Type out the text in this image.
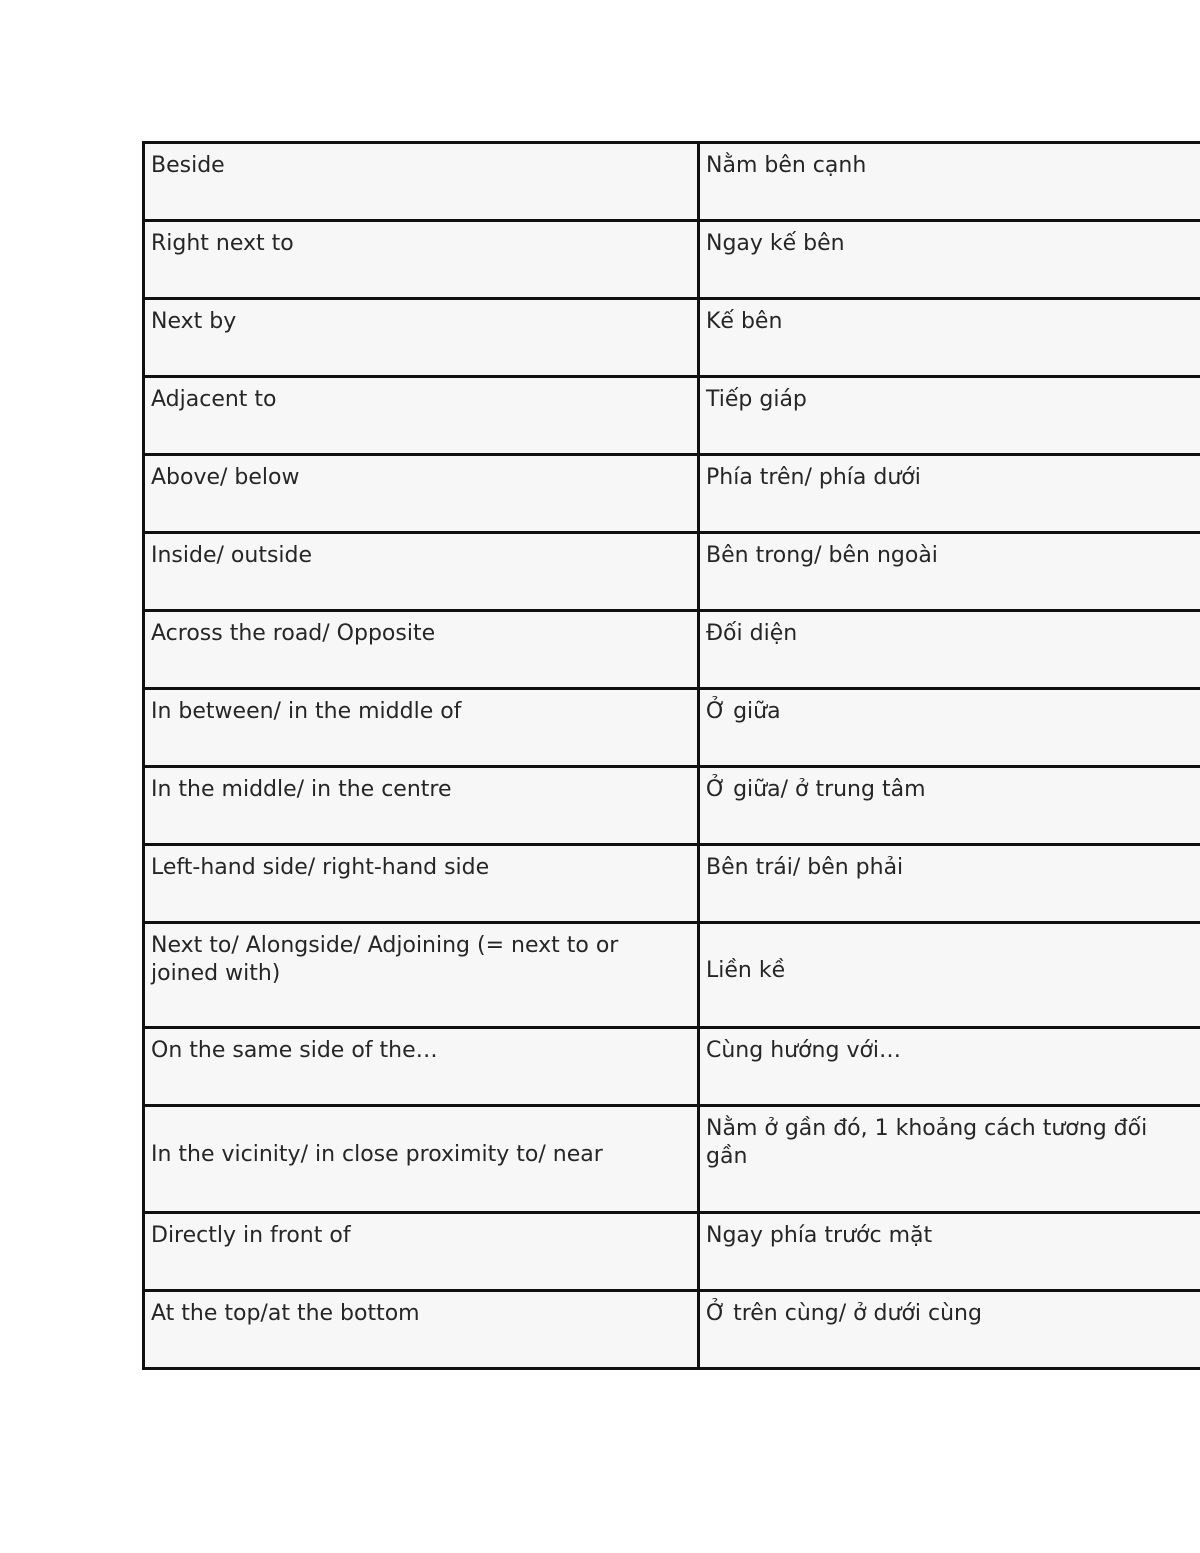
Beside	Nằm bên cạnh
Right next to	Ngay kế bên
Next by	Kế bên
Adjacent to	Tiếp giáp
Above/ below	Phía trên/ phía dưới
Inside/ outside	Bên trong/ bên ngoài
Across the road/ Opposite	Đối diện
In between/ in the middle of	Ở giữa
In the middle/ in the centre	Ở giữa/ ở trung tâm
Left-hand side/ right-hand side	Bên trái/ bên phải
Next to/ Alongside/ Adjoining (= next to or joined with)	Liền kề
On the same side of the…	Cùng hướng với…
In the vicinity/ in close proximity to/ near	Nằm ở gần đó, 1 khoảng cách tương đối gần
Directly in front of	Ngay phía trước mặt
At the top/at the bottom	Ở trên cùng/ ở dưới cùng
